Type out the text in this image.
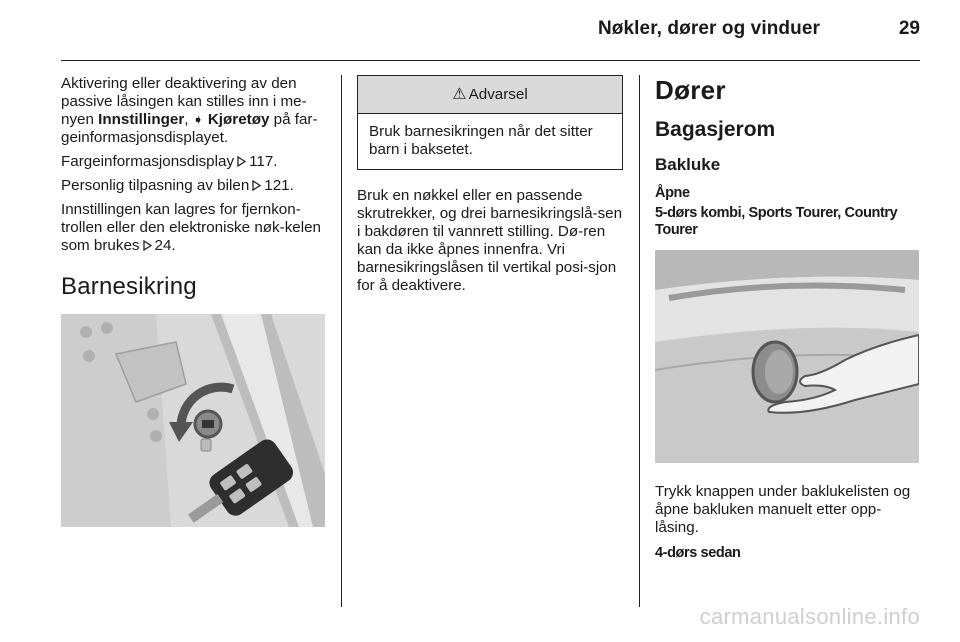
Nøkler, dører og vinduer	29

Aktivering eller deaktivering av den passive låsingen kan stilles inn i me-nyen Innstillinger, ➧ Kjøretøy på far-geinformasjonsdisplayet.

Fargeinformasjonsdisplay 117.

Personlig tilpasning av bilen 121.

Innstillingen kan lagres for fjernkon-trollen eller den elektroniske nøk-kelen som brukes 24.

Barnesikring
⚠ Advarsel
Bruk barnesikringen når det sitter barn i baksetet.

Bruk en nøkkel eller en passende skrutrekker, og drei barnesikringslå-sen i bakdøren til vannrett stilling. Dø-ren kan da ikke åpnes innenfra. Vri barnesikringslåsen til vertikal posi-sjon for å deaktivere.

Dører
Bagasjerom
Bakluke
Åpne
5-dørs kombi, Sports Tourer, Country Tourer

Trykk knappen under baklukelisten og åpne bakluken manuelt etter opp-låsing.

4-dørs sedan
carmanualsonline.info
